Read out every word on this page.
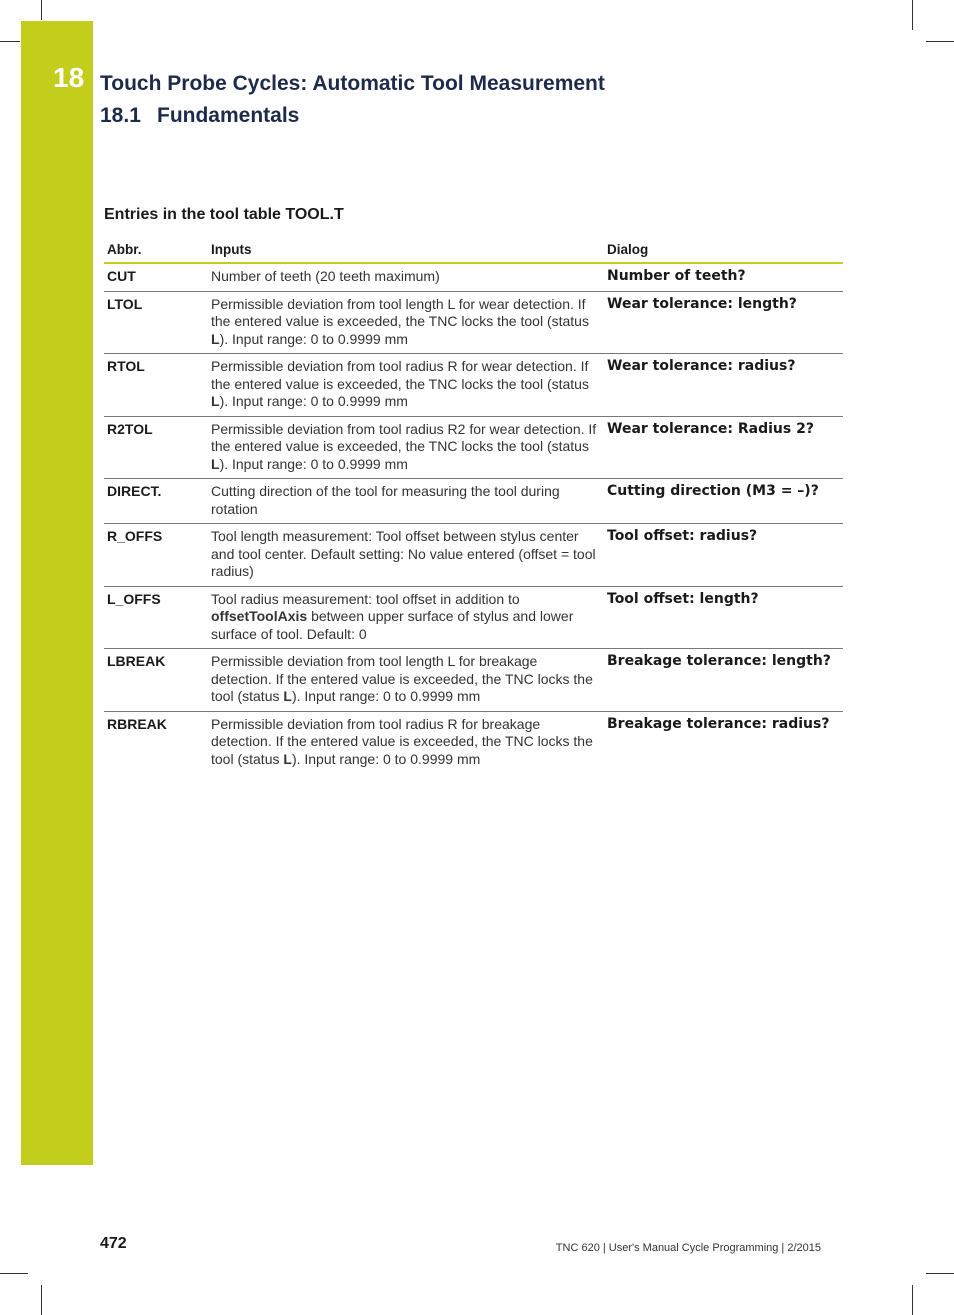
18 Touch Probe Cycles: Automatic Tool Measurement
18.1 Fundamentals
Entries in the tool table TOOL.T
Abbr.	Inputs	Dialog
CUT	Number of teeth (20 teeth maximum)	Number of teeth?
LTOL	Permissible deviation from tool length L for wear detection. If the entered value is exceeded, the TNC locks the tool (status L). Input range: 0 to 0.9999 mm	Wear tolerance: length?
RTOL	Permissible deviation from tool radius R for wear detection. If the entered value is exceeded, the TNC locks the tool (status L). Input range: 0 to 0.9999 mm	Wear tolerance: radius?
R2TOL	Permissible deviation from tool radius R2 for wear detection. If the entered value is exceeded, the TNC locks the tool (status L). Input range: 0 to 0.9999 mm	Wear tolerance: Radius 2?
DIRECT.	Cutting direction of the tool for measuring the tool during rotation	Cutting direction (M3 = –)?
R_OFFS	Tool length measurement: Tool offset between stylus center and tool center. Default setting: No value entered (offset = tool radius)	Tool offset: radius?
L_OFFS	Tool radius measurement: tool offset in addition to offsetToolAxis between upper surface of stylus and lower surface of tool. Default: 0	Tool offset: length?
LBREAK	Permissible deviation from tool length L for breakage detection. If the entered value is exceeded, the TNC locks the tool (status L). Input range: 0 to 0.9999 mm	Breakage tolerance: length?
RBREAK	Permissible deviation from tool radius R for breakage detection. If the entered value is exceeded, the TNC locks the tool (status L). Input range: 0 to 0.9999 mm	Breakage tolerance: radius?
472	TNC 620 | User's Manual Cycle Programming | 2/2015
